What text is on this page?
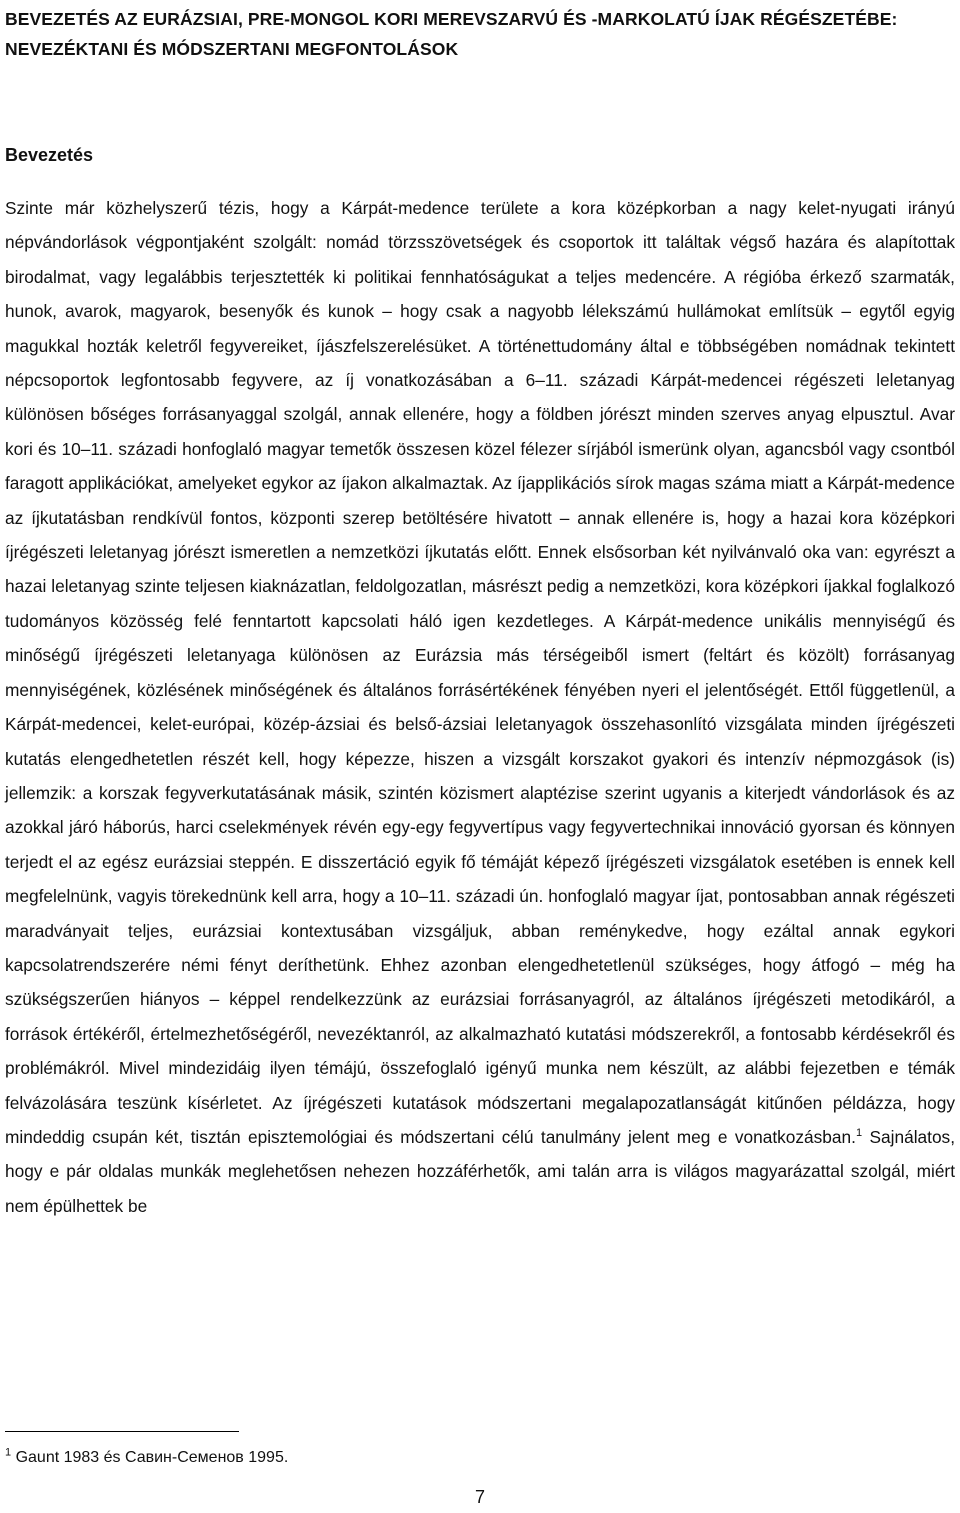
BEVEZETÉS AZ EURÁZSIAI, PRE-MONGOL KORI MEREVSZARVÚ ÉS -MARKOLATÚ ÍJAK RÉGÉSZETÉBE: NEVEZÉKTANI ÉS MÓDSZERTANI MEGFONTOLÁSOK
Bevezetés

Szinte már közhelyszerű tézis, hogy a Kárpát-medence területe a kora középkorban a nagy kelet-nyugati irányú népvándorlások végpontjaként szolgált: nomád törzsszövetségek és csoportok itt találtak végső hazára és alapítottak birodalmat, vagy legalábbis terjesztették ki politikai fennhatóságukat a teljes medencére. A régióba érkező szarmaták, hunok, avarok, magyarok, besenyők és kunok – hogy csak a nagyobb lélekszámú hullámokat említsük – egytől egyig magukkal hozták keletről fegyvereiket, íjászfelszerelésüket. A történettudomány által e többségében nomádnak tekintett népcsoportok legfontosabb fegyvere, az íj vonatkozásában a 6–11. századi Kárpát-medencei régészeti leletanyag különösen bőséges forrásanyaggal szolgál, annak ellenére, hogy a földben jórészt minden szerves anyag elpusztul. Avar kori és 10–11. századi honfoglaló magyar temetők összesen közel félezer sírjából ismerünk olyan, agancsból vagy csontból faragott applikációkat, amelyeket egykor az íjakon alkalmaztak. Az íjapplikációs sírok magas száma miatt a Kárpát-medence az íjkutatásban rendkívül fontos, központi szerep betöltésére hivatott – annak ellenére is, hogy a hazai kora középkori íjrégészeti leletanyag jórészt ismeretlen a nemzetközi íjkutatás előtt. Ennek elsősorban két nyilvánvaló oka van: egyrészt a hazai leletanyag szinte teljesen kiaknázatlan, feldolgozatlan, másrészt pedig a nemzetközi, kora középkori íjakkal foglalkozó tudományos közösség felé fenntartott kapcsolati háló igen kezdetleges. A Kárpát-medence unikális mennyiségű és minőségű íjrégészeti leletanyaga különösen az Eurázsia más térségeiből ismert (feltárt és közölt) forrásanyag mennyiségének, közlésének minőségének és általános forrásértékének fényében nyeri el jelentőségét. Ettől függetlenül, a Kárpát-medencei, kelet-európai, közép-ázsiai és belső-ázsiai leletanyagok összehasonlító vizsgálata minden íjrégészeti kutatás elengedhetetlen részét kell, hogy képezze, hiszen a vizsgált korszakot gyakori és intenzív népmozgások (is) jellemzik: a korszak fegyverkutatásának másik, szintén közismert alaptézise szerint ugyanis a kiterjedt vándorlások és az azokkal járó háborús, harci cselekmények révén egy-egy fegyvertípus vagy fegyvertechnikai innováció gyorsan és könnyen terjedt el az egész eurázsiai steppén. E disszertáció egyik fő témáját képező íjrégészeti vizsgálatok esetében is ennek kell megfelelnünk, vagyis törekednünk kell arra, hogy a 10–11. századi ún. honfoglaló magyar íjat, pontosabban annak régészeti maradványait teljes, eurázsiai kontextusában vizsgáljuk, abban reménykedve, hogy ezáltal annak egykori kapcsolatrendszerére némi fényt deríthetünk. Ehhez azonban elengedhetetlenül szükséges, hogy átfogó – még ha szükségszerűen hiányos – képpel rendelkezzünk az eurázsiai forrásanyagról, az általános íjrégészeti metodikáról, a források értékéről, értelmezhetőségéről, nevezéktanról, az alkalmazható kutatási módszerekről, a fontosabb kérdésekről és problémákról. Mivel mindezidáig ilyen témájú, összefoglaló igényű munka nem készült, az alábbi fejezetben e témák felvázolására teszünk kísérletet. Az íjrégészeti kutatások módszertani megalapozatlanságát kitűnően példázza, hogy mindeddig csupán két, tisztán episztemológiai és módszertani célú tanulmány jelent meg e vonatkozásban.$^1$ Sajnálatos, hogy e pár oldalas munkák meglehetősen nehezen hozzáférhetők, ami talán arra is világos magyarázattal szolgál, miért nem épülhettek be

$^1$ Gaunt 1983 és Савин-Семенов 1995.

7
